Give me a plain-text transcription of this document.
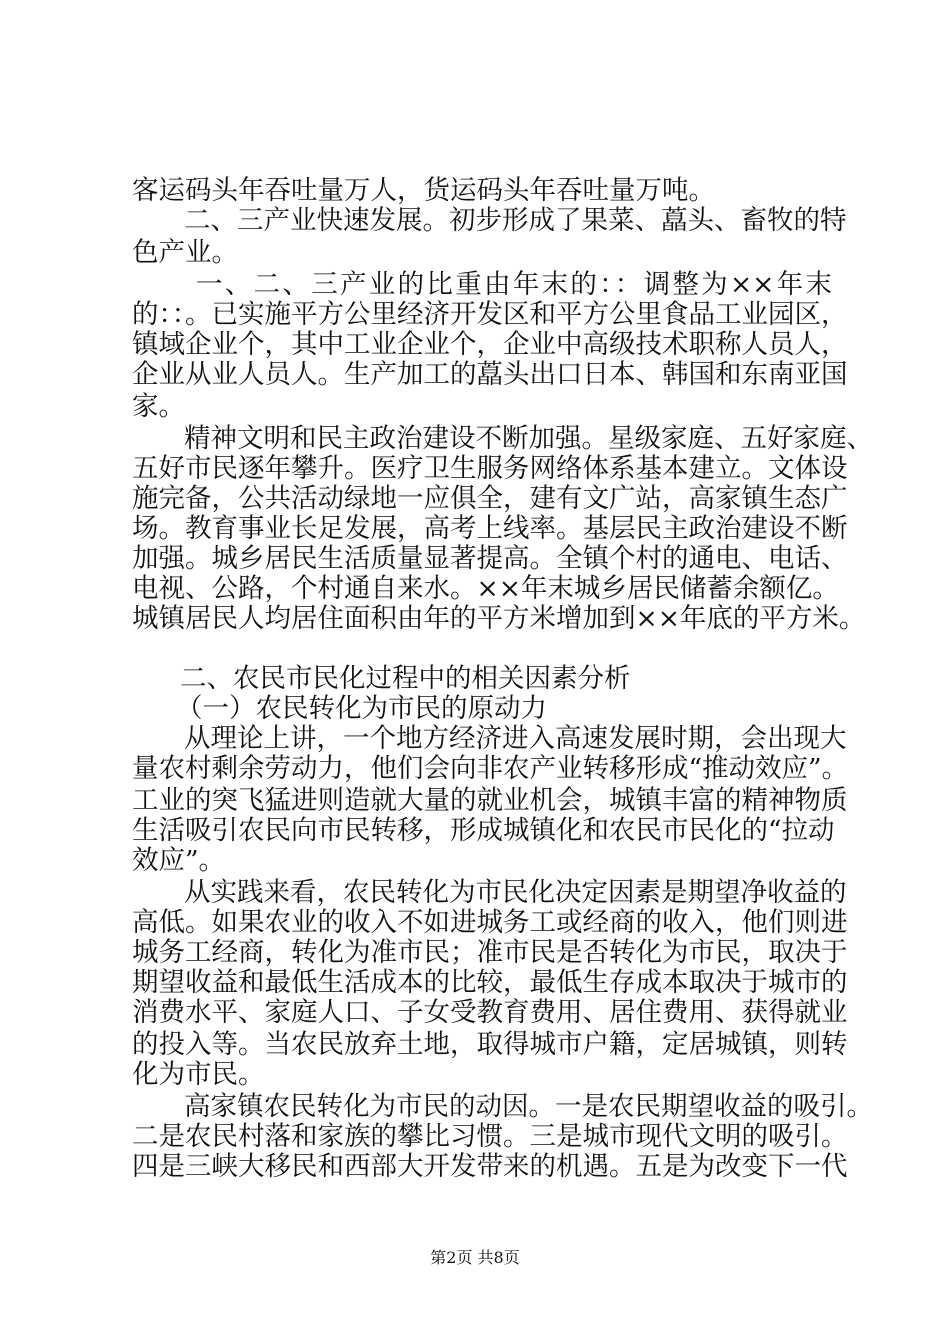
客运码头年吞吐量万人，货运码头年吞吐量万吨。
二、三产业快速发展。初步形成了果菜、藠头、畜牧的特
色产业。
一、二、三产业的比重由年末的：：调整为××年末
的：：。已实施平方公里经济开发区和平方公里食品工业园区，
镇域企业个，其中工业企业个，企业中高级技术职称人员人，
企业从业人员人。生产加工的藠头出口日本、韩国和东南亚国
家。
精神文明和民主政治建设不断加强。星级家庭、五好家庭、
五好市民逐年攀升。医疗卫生服务网络体系基本建立。文体设
施完备，公共活动绿地一应俱全，建有文广站，高家镇生态广
场。教育事业长足发展，高考上线率。基层民主政治建设不断
加强。城乡居民生活质量显著提高。全镇个村的通电、电话、
电视、公路，个村通自来水。××年末城乡居民储蓄余额亿。
城镇居民人均居住面积由年的平方米增加到××年底的平方米。
二、农民市民化过程中的相关因素分析
（一）农民转化为市民的原动力
从理论上讲，一个地方经济进入高速发展时期，会出现大
量农村剩余劳动力，他们会向非农产业转移形成“推动效应”。
工业的突飞猛进则造就大量的就业机会，城镇丰富的精神物质
生活吸引农民向市民转移，形成城镇化和农民市民化的“拉动
效应”。
从实践来看，农民转化为市民化决定因素是期望净收益的
高低。如果农业的收入不如进城务工或经商的收入，他们则进
城务工经商，转化为准市民；准市民是否转化为市民，取决于
期望收益和最低生活成本的比较，最低生存成本取决于城市的
消费水平、家庭人口、子女受教育费用、居住费用、获得就业
的投入等。当农民放弃土地，取得城市户籍，定居城镇，则转
化为市民。
高家镇农民转化为市民的动因。一是农民期望收益的吸引。
二是农民村落和家族的攀比习惯。三是城市现代文明的吸引。
四是三峡大移民和西部大开发带来的机遇。五是为改变下一代
第2页 共8页
